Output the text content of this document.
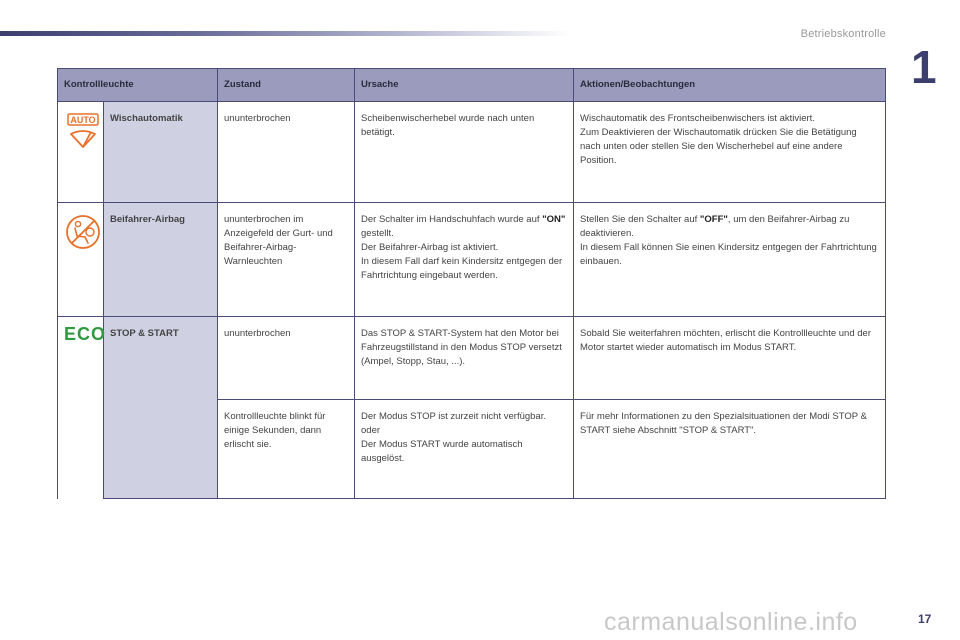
Betriebskontrolle
1
Kontrollleuchte		Zustand	Ursache	Aktionen/Beobachtungen

AUTO	Wischautomatik	ununterbrochen	Scheibenwischerhebel wurde nach unten betätigt.	Wischautomatik des Frontscheibenwischers ist aktiviert.
Zum Deaktivieren der Wischautomatik drücken Sie die Betätigung nach unten oder stellen Sie den Wischerhebel auf eine andere Position.
	Beifahrer-Airbag	ununterbrochen im Anzeigefeld der Gurt- und Beifahrer-Airbag-Warnleuchten	Der Schalter im Handschuhfach wurde auf "ON" gestellt.
Der Beifahrer-Airbag ist aktiviert.
In diesem Fall darf kein Kindersitz entgegen der Fahrtrichtung eingebaut werden.	Stellen Sie den Schalter auf "OFF", um den Beifahrer-Airbag zu deaktivieren.
In diesem Fall können Sie einen Kindersitz entgegen der Fahrtrichtung einbauen.

ECO	STOP & START	ununterbrochen	Das STOP & START-System hat den Motor bei Fahrzeugstillstand in den Modus STOP versetzt (Ampel, Stopp, Stau, ...).	Sobald Sie weiterfahren möchten, erlischt die Kontrollleuchte und der Motor startet wieder automatisch im Modus START.
		Kontrollleuchte blinkt für einige Sekunden, dann erlischt sie.	Der Modus STOP ist zurzeit nicht verfügbar.
oder
Der Modus START wurde automatisch ausgelöst.	Für mehr Informationen zu den Spezialsituationen der Modi STOP & START siehe Abschnitt "STOP & START".
carmanualsonline.info	17
